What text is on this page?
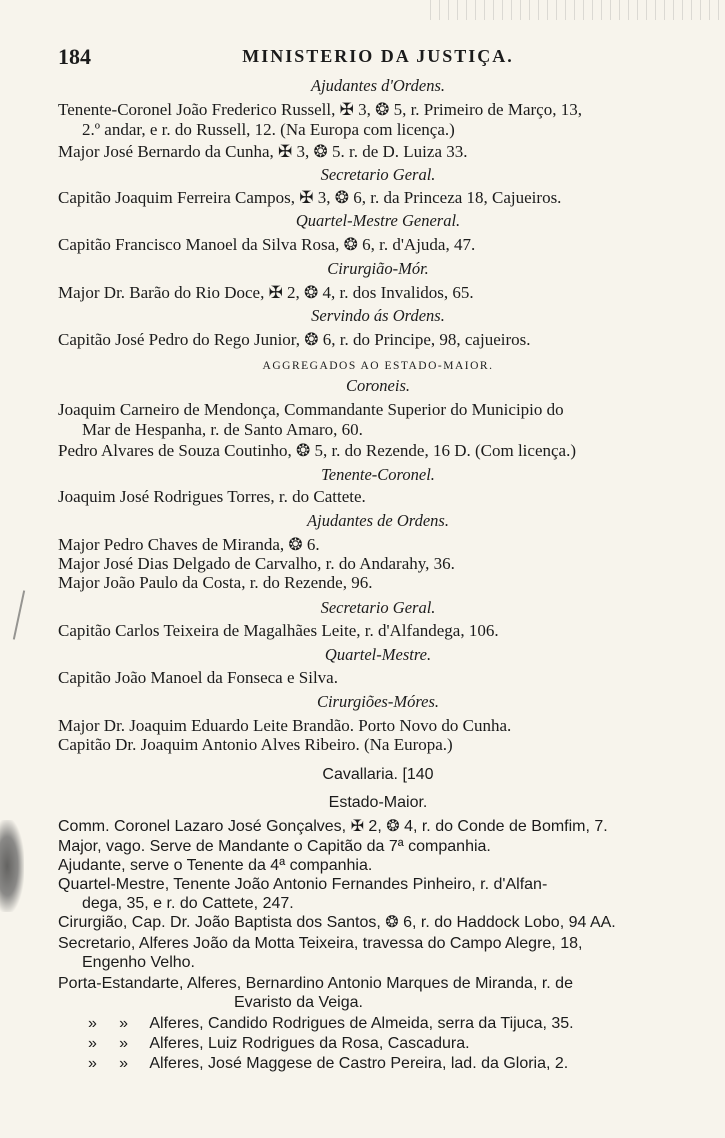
184	MINISTERIO DA JUSTIÇA.
Ajudantes d'Ordens.
Tenente-Coronel João Frederico Russell, ✠ 3, ❂ 5, r. Primeiro de Março, 13,
2.º andar, e r. do Russell, 12. (Na Europa com licença.)
Major José Bernardo da Cunha, ✠ 3, ❂ 5. r. de D. Luiza 33.
Secretario Geral.
Capitão Joaquim Ferreira Campos, ✠ 3, ❂ 6, r. da Princeza 18, Cajueiros.
Quartel-Mestre General.
Capitão Francisco Manoel da Silva Rosa, ❂ 6, r. d'Ajuda, 47.
Cirurgião-Mór.
Major Dr. Barão do Rio Doce, ✠ 2, ❂ 4, r. dos Invalidos, 65.
Servindo ás Ordens.
Capitão José Pedro do Rego Junior, ❂ 6, r. do Principe, 98, cajueiros.
AGGREGADOS AO ESTADO-MAIOR.
Coroneis.
Joaquim Carneiro de Mendonça, Commandante Superior do Municipio do
Mar de Hespanha, r. de Santo Amaro, 60.
Pedro Alvares de Souza Coutinho, ❂ 5, r. do Rezende, 16 D. (Com licença.)
Tenente-Coronel.
Joaquim José Rodrigues Torres, r. do Cattete.
Ajudantes de Ordens.
Major Pedro Chaves de Miranda, ❂ 6.
Major José Dias Delgado de Carvalho, r. do Andarahy, 36.
Major João Paulo da Costa, r. do Rezende, 96.
Secretario Geral.
Capitão Carlos Teixeira de Magalhães Leite, r. d'Alfandega, 106.
Quartel-Mestre.
Capitão João Manoel da Fonseca e Silva.
Cirurgiões-Móres.
Major Dr. Joaquim Eduardo Leite Brandão. Porto Novo do Cunha.
Capitão Dr. Joaquim Antonio Alves Ribeiro. (Na Europa.)
Cavallaria. [140
Estado-Maior.
Comm. Coronel Lazaro José Gonçalves, ✠ 2, ❂ 4, r. do Conde de Bomfim, 7.
Major, vago. Serve de Mandante o Capitão da 7ª companhia.
Ajudante, serve o Tenente da 4ª companhia.
Quartel-Mestre, Tenente João Antonio Fernandes Pinheiro, r. d'Alfan-
dega, 35, e r. do Cattete, 247.
Cirurgião, Cap. Dr. João Baptista dos Santos, ❂ 6, r. do Haddock Lobo, 94 AA.
Secretario, Alferes João da Motta Teixeira, travessa do Campo Alegre, 18,
Engenho Velho.
Porta-Estandarte, Alferes, Bernardino Antonio Marques de Miranda, r. de
Evaristo da Veiga.
»     »     Alferes, Candido Rodrigues de Almeida, serra da Tijuca, 35.
»     »     Alferes, Luiz Rodrigues da Rosa, Cascadura.
»     »     Alferes, José Maggese de Castro Pereira, lad. da Gloria, 2.
